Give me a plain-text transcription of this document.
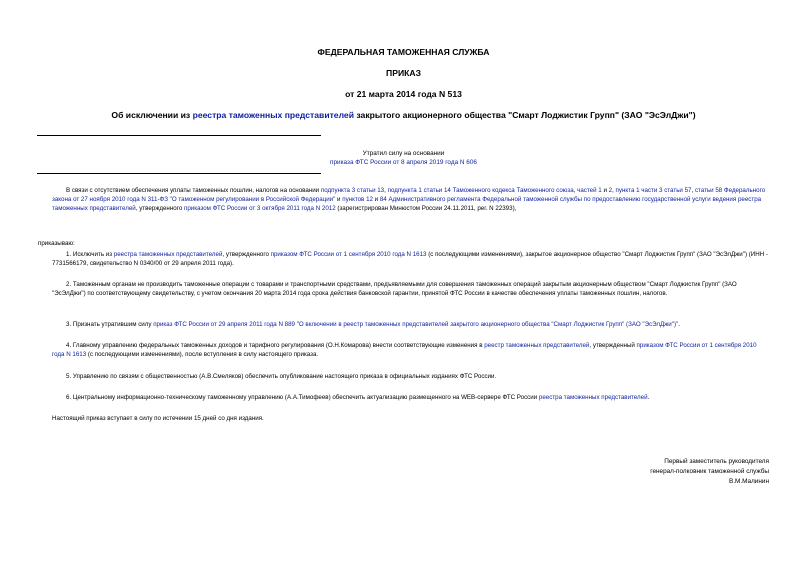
ФЕДЕРАЛЬНАЯ ТАМОЖЕННАЯ СЛУЖБА
ПРИКАЗ
от 21 марта 2014 года N 513
Об исключении из реестра таможенных представителей закрытого акционерного общества "Смарт Лоджистик Групп" (ЗАО "ЭсЭлДжи")
Утратил силу на основании
приказа ФТС России от 8 апреля 2019 года N 606
В связи с отсутствием обеспечения уплаты таможенных пошлин, налогов на основании подпункта 3 статьи 13, подпункта 1 статьи 14 Таможенного кодекса Таможенного союза, частей 1 и 2, пункта 1 части 3 статьи 57, статьи 58 Федерального закона от 27 ноября 2010 года N 311-ФЗ "О таможенном регулировании в Российской Федерации" и пунктов 12 и 84 Административного регламента Федеральной таможенной службы по предоставлению государственной услуги ведения реестра таможенных представителей, утвержденного приказом ФТС России от 3 октября 2011 года N 2012 (зарегистрирован Минюстом России 24.11.2011, рег. N 22393),
приказываю:
1. Исключить из реестра таможенных представителей, утвержденного приказом ФТС России от 1 сентября 2010 года N 1613 (с последующими изменениями), закрытое акционерное общество "Смарт Лоджистик Групп" (ЗАО "ЭсЭлДжи") (ИНН - 7731566179, свидетельство N 0340/00 от 29 апреля 2011 года).
2. Таможенным органам не производить таможенные операции с товарами и транспортными средствами, предъявляемыми для совершения таможенных операций закрытым акционерным обществом "Смарт Лоджистик Групп" (ЗАО "ЭсЭлДжи") по соответствующему свидетельству, с учетом окончания 20 марта 2014 года срока действия банковской гарантии, принятой ФТС России в качестве обеспечения уплаты таможенных пошлин, налогов.
3. Признать утратившим силу приказ ФТС России от 29 апреля 2011 года N 889 "О включении в реестр таможенных представителей закрытого акционерного общества "Смарт Лоджистик Групп" (ЗАО "ЭсЭлДжи")".
4. Главному управлению федеральных таможенных доходов и тарифного регулирования (О.Н.Комарова) внести соответствующие изменения в реестр таможенных представителей, утвержденный приказом ФТС России от 1 сентября 2010 года N 1613 (с последующими изменениями), после вступления в силу настоящего приказа.
5. Управлению по связям с общественностью (А.В.Смеляков) обеспечить опубликование настоящего приказа в официальных изданиях ФТС России.
6. Центральному информационно-техническому таможенному управлению (А.А.Тимофеев) обеспечить актуализацию размещенного на WEB-сервере ФТС России реестра таможенных представителей.
Настоящий приказ вступает в силу по истечении 15 дней со дня издания.
Первый заместитель руководителя
генерал-полковник таможенной службы
В.М.Малинин
